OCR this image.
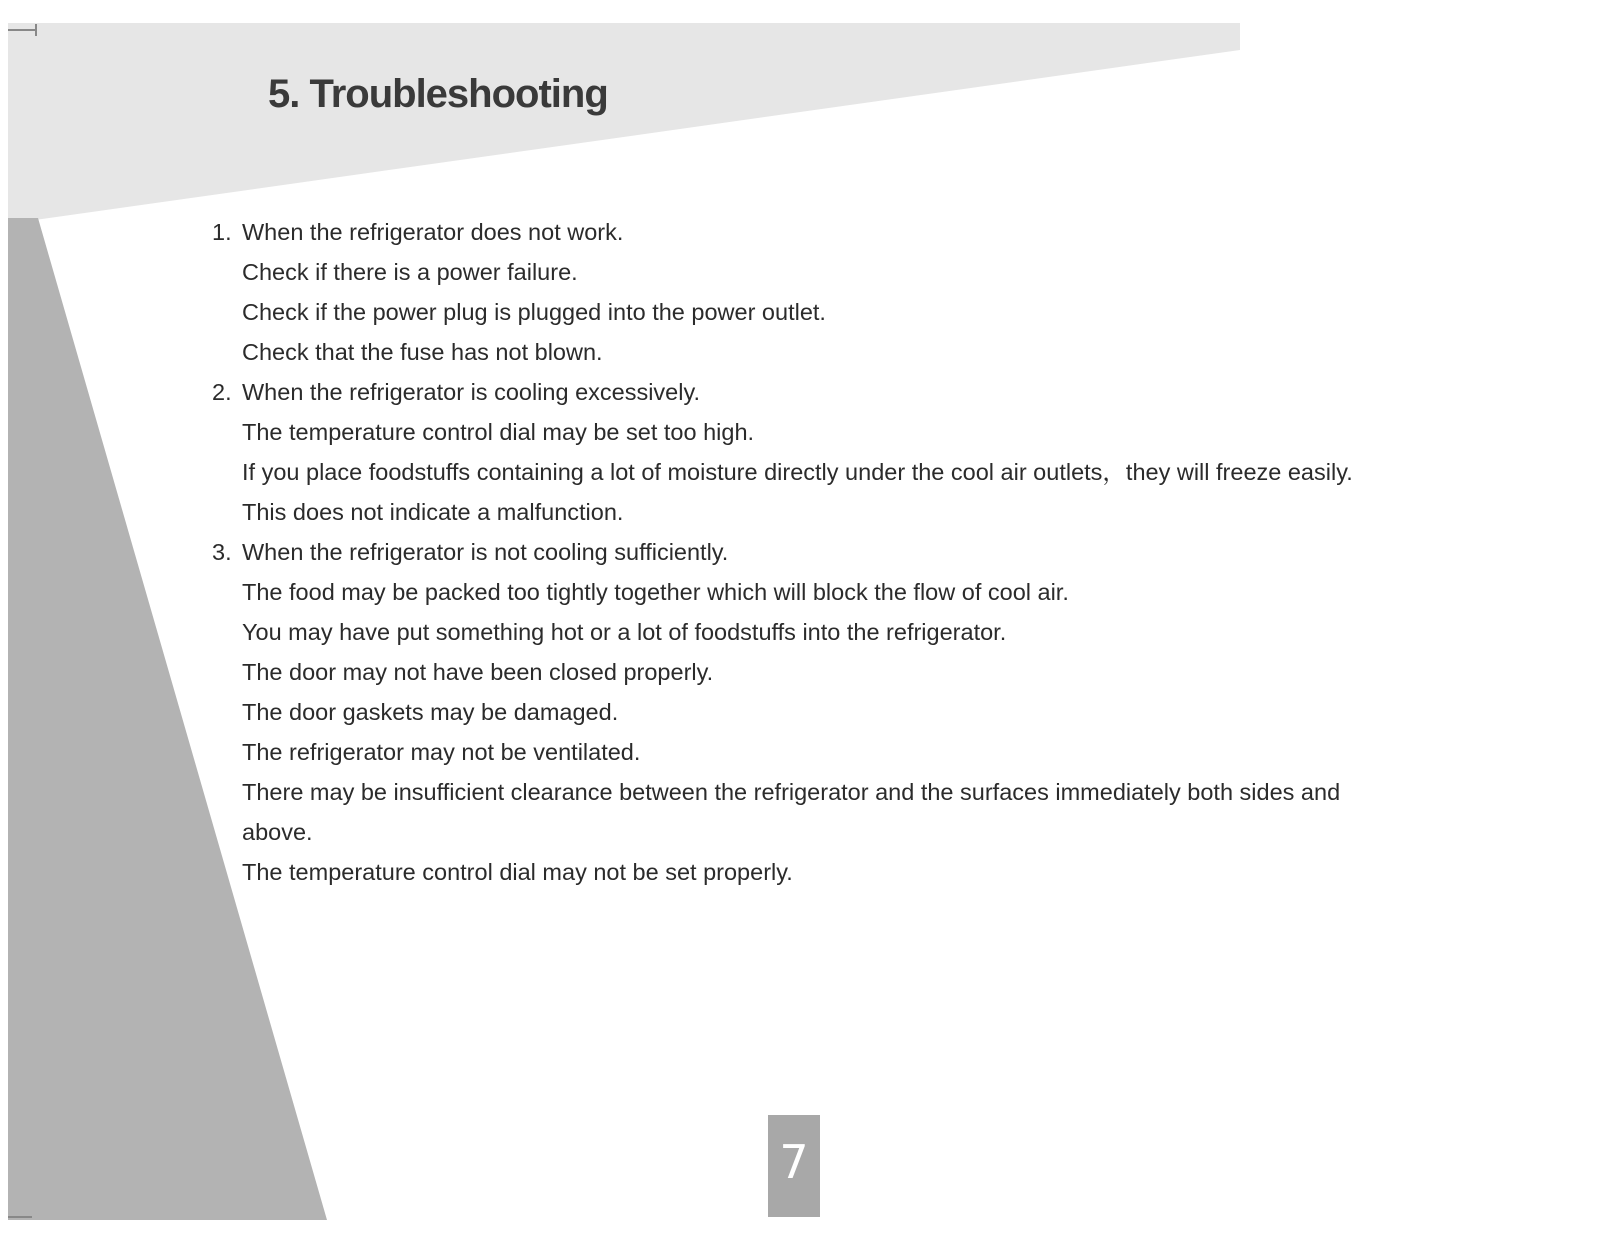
5. Troubleshooting
1. When the refrigerator does not work.
Check if there is a power failure.
Check if the power plug is plugged into the power outlet.
Check that the fuse has not blown.
2. When the refrigerator is cooling excessively.
The temperature control dial may be set too high.
If you place foodstuffs containing a lot of moisture directly under the cool air outlets，they will freeze easily. This does not indicate a malfunction.
3. When the refrigerator is not cooling sufficiently.
The food may be packed too tightly together which will block the flow of cool air.
You may have put something hot or a lot of foodstuffs into the refrigerator.
The door may not have been closed properly.
The door gaskets may be damaged.
The refrigerator may not be ventilated.
There may be insufficient clearance between the refrigerator and the surfaces immediately both sides and above.
The temperature control dial may not be set properly.
7
